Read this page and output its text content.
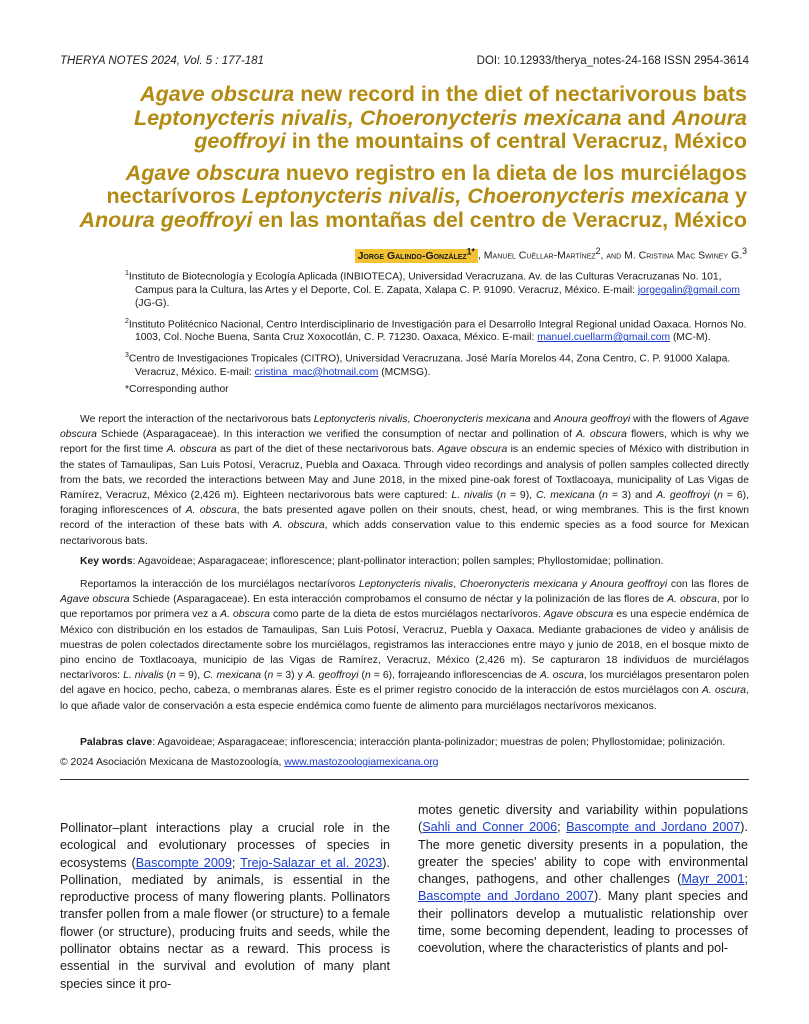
THERYA NOTES 2024, Vol. 5 : 177-181	DOI: 10.12933/therya_notes-24-168 ISSN 2954-3614

Agave obscura new record in the diet of nectarivorous bats Leptonycteris nivalis, Choeronycteris mexicana and Anoura geoffroyi in the mountains of central Veracruz, México

Agave obscura nuevo registro en la dieta de los murciélagos nectarívoros Leptonycteris nivalis, Choeronycteris mexicana y Anoura geoffroyi en las montañas del centro de Veracruz, México

Jorge Galindo-González$^{1*}$ , Manuel Cuéllar-Martínez$^2$, and M. Cristina Mac Swiney G.$^3$

$^1$Instituto de Biotecnología y Ecología Aplicada (INBIOTECA), Universidad Veracruzana. Av. de las Culturas Veracruzanas No. 101, Campus para la Cultura, las Artes y el Deporte, Col. E. Zapata, Xalapa C. P. 91090. Veracruz, México. E-mail: jorgegalin@gmail.com (JG-G).

$^2$Instituto Politécnico Nacional, Centro Interdisciplinario de Investigación para el Desarrollo Integral Regional unidad Oaxaca. Hornos No. 1003, Col. Noche Buena, Santa Cruz Xoxocotlán, C. P. 71230. Oaxaca, México. E-mail: manuel.cuellarm@gmail.com (MC-M).

$^3$Centro de Investigaciones Tropicales (CITRO), Universidad Veracruzana. José María Morelos 44, Zona Centro, C. P. 91000 Xalapa. Veracruz, México. E-mail: cristina_mac@hotmail.com (MCMSG).

*Corresponding author

We report the interaction of the nectarivorous bats Leptonycteris nivalis, Choeronycteris mexicana and Anoura geoffroyi with the flowers of Agave obscura Schiede (Asparagaceae). In this interaction we verified the consumption of nectar and pollination of A. obscura flowers, which is why we report for the first time A. obscura as part of the diet of these nectarivorous bats. Agave obscura is an endemic species of México with distribution in the states of Tamaulipas, San Luis Potosí, Veracruz, Puebla and Oaxaca. Through video recordings and analysis of pollen samples collected directly from the bats, we recorded the interactions between May and June 2018, in the mixed pine-oak forest of Toxtlacoaya, municipality of Las Vigas de Ramírez, Veracruz, México (2,426 m). Eighteen nectarivorous bats were captured: L. nivalis (n = 9), C. mexicana (n = 3) and A. geoffroyi (n = 6), foraging inflorescences of A. obscura, the bats presented agave pollen on their snouts, chest, head, or wing membranes. This is the first known record of the interaction of these bats with A. obscura, which adds conservation value to this endemic species as a food source for Mexican nectarivorous bats.
Key words: Agavoideae; Asparagaceae; inflorescence; plant-pollinator interaction; pollen samples; Phyllostomidae; pollination.
Reportamos la interacción de los murciélagos nectarívoros Leptonycteris nivalis, Choeronycteris mexicana y Anoura geoffroyi con las flores de Agave obscura Schiede (Asparagaceae). En esta interacción comprobamos el consumo de néctar y la polinización de las flores de A. obscura, por lo que reportamos por primera vez a A. obscura como parte de la dieta de estos murciélagos nectarívoros. Agave obscura es una especie endémica de México con distribución en los estados de Tamaulipas, San Luis Potosí, Veracruz, Puebla y Oaxaca. Mediante grabaciones de video y análisis de muestras de polen colectados directamente sobre los murciélagos, registramos las interacciones entre mayo y junio de 2018, en el bosque mixto de pino encino de Toxtlacoaya, municipio de las Vigas de Ramírez, Veracruz, México (2,426 m). Se capturaron 18 individuos de murciélagos nectarívoros: L. nivalis (n = 9), C. mexicana (n = 3) y A. geoffroyi (n = 6), forrajeando inflorescencias de A. oscura, los murciélagos presentaron polen del agave en hocico, pecho, cabeza, o membranas alares. Éste es el primer registro conocido de la interacción de estos murciélagos con A. oscura, lo que añade valor de conservación a esta especie endémica como fuente de alimento para murciélagos nectarívoros mexicanos.
Palabras clave: Agavoideae; Asparagaceae; inflorescencia; interacción planta-polinizador; muestras de polen; Phyllostomidae; polinización.
© 2024 Asociación Mexicana de Mastozoología, www.mastozoologiamexicana.org

Pollinator–plant interactions play a crucial role in the ecological and evolutionary processes of species in ecosystems (Bascompte 2009; Trejo-Salazar et al. 2023). Pollination, mediated by animals, is essential in the reproductive process of many flowering plants. Pollinators transfer pollen from a male flower (or structure) to a female flower (or structure), producing fruits and seeds, while the pollinator obtains nectar as a reward. This process is essential in the survival and evolution of many plant species since it pro-

motes genetic diversity and variability within populations (Sahli and Conner 2006; Bascompte and Jordano 2007). The more genetic diversity presents in a population, the greater the species' ability to cope with environmental changes, pathogens, and other challenges (Mayr 2001; Bascompte and Jordano 2007). Many plant species and their pollinators develop a mutualistic relationship over time, some becoming dependent, leading to processes of coevolution, where the characteristics of plants and pol-
